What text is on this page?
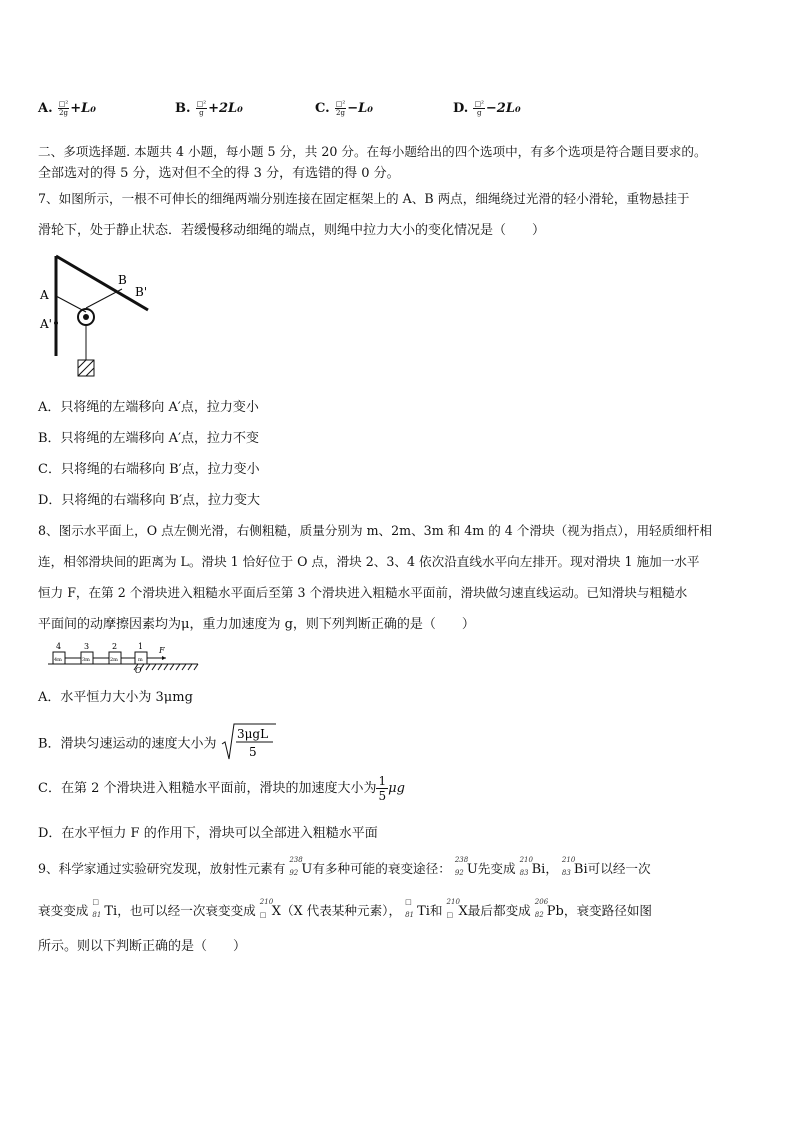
A. $\frac{\text{□²}}{2g} +L_0$	B. $\frac{\text{□²}}{g} +2L_0$	C. $\frac{\text{□²}}{2g} -L_0$	D. $\frac{\text{□²}}{g} -2L_0$
二、多项选择题. 本题共 4 小题，每小题 5 分，共 20 分。在每小题给出的四个选项中，有多个选项是符合题目要求的。
全部选对的得 5 分，选对但不全的得 3 分，有选错的得 0 分。
7、如图所示，一根不可伸长的细绳两端分别连接在固定框架上的 A、B 两点，细绳绕过光滑的轻小滑轮，重物悬挂于
滑轮下，处于静止状态．若缓慢移动细绳的端点，则绳中拉力大小的变化情况是（　　）
A
A'
B
B'
A．只将绳的左端移向 A′点，拉力变小
B．只将绳的左端移向 A′点，拉力不变
C．只将绳的右端移向 B′点，拉力变小
D．只将绳的右端移向 B′点，拉力变大
8、图示水平面上，O 点左侧光滑，右侧粗糙，质量分别为 m、2m、3m 和 4m 的 4 个滑块（视为指点），用轻质细杆相
连，相邻滑块间的距离为 L。滑块 1 恰好位于 O 点，滑块 2、3、4 依次沿直线水平向左排开。现对滑块 1 施加一水平
恒力 F，在第 2 个滑块进入粗糙水平面后至第 3 个滑块进入粗糙水平面前，滑块做匀速直线运动。已知滑块与粗糙水
平面间的动摩擦因素均为μ，重力加速度为 g，则下列判断正确的是（　　）
4	3	2	1
4m	3m	2m	m
F
O
A．水平恒力大小为 3μmg
B．滑块匀速运动的速度大小为
3μgL
5
C．在第 2 个滑块进入粗糙水平面前，滑块的加速度大小为 $\frac{1}{5}$ μg
D．在水平恒力 F 的作用下，滑块可以全部进入粗糙水平面
9、科学家通过实验研究发现，放射性元素有
238
92 U有多种可能的衰变途径：
238
92 U先变成
210
83 Bi，
210
83 Bi可以经一次
衰变变成
□
81 Ti，也可以经一次衰变变成
210
□ X（X 代表某种元素），
□
81 Ti和
210
□ X最后都变成
206
82 Pb，衰变路径如图
所示。则以下判断正确的是（　　）
